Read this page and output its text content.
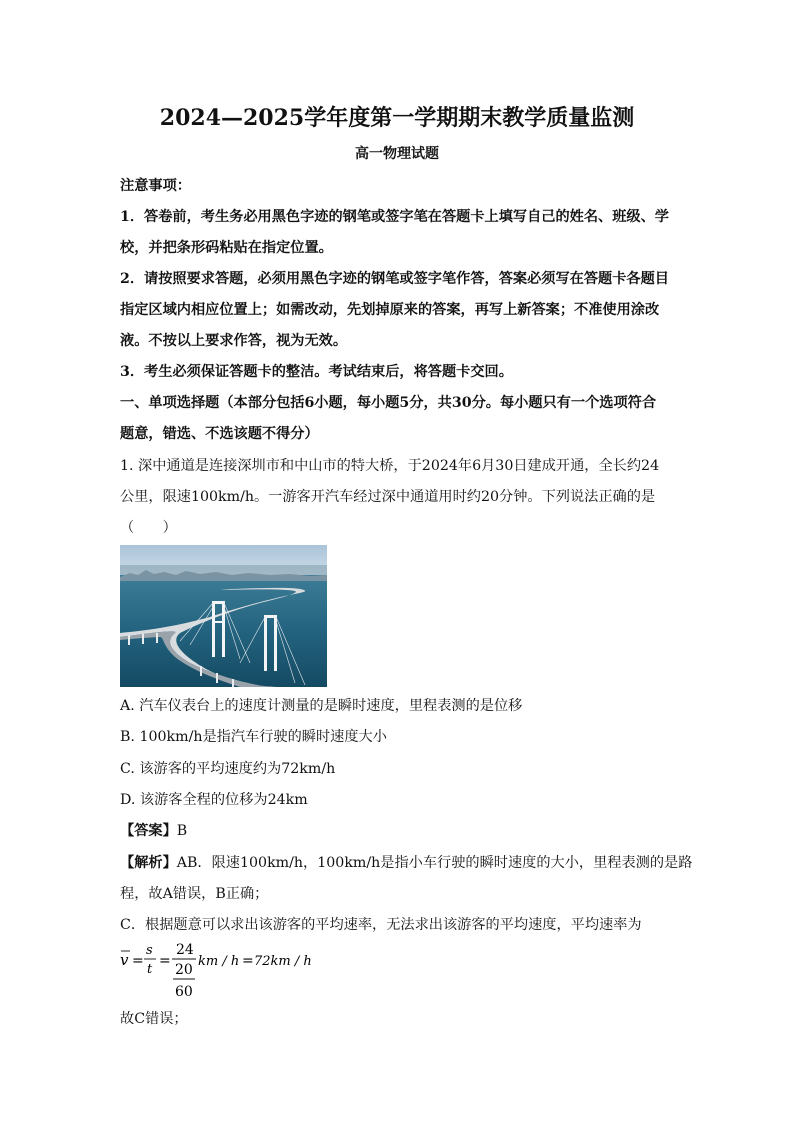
2024—2025学年度第一学期期末教学质量监测
高一物理试题
注意事项：
1．答卷前，考生务必用黑色字迹的钢笔或签字笔在答题卡上填写自己的姓名、班级、学
校，并把条形码粘贴在指定位置。
2．请按照要求答题，必须用黑色字迹的钢笔或签字笔作答，答案必须写在答题卡各题目
指定区域内相应位置上；如需改动，先划掉原来的答案，再写上新答案；不准使用涂改
液。不按以上要求作答，视为无效。
3．考生必须保证答题卡的整洁。考试结束后，将答题卡交回。
一、单项选择题（本部分包括6小题，每小题5分，共30分。每小题只有一个选项符合
题意，错选、不选该题不得分）
1. 深中通道是连接深圳市和中山市的特大桥，于2024年6月30日建成开通，全长约24
公里，限速100km/h。一游客开汽车经过深中通道用时约20分钟。下列说法正确的是
（　　）
A. 汽车仪表台上的速度计测量的是瞬时速度，里程表测的是位移
B. 100km/h是指汽车行驶的瞬时速度大小
C. 该游客的平均速度约为72km/h
D. 该游客全程的位移为24km
【答案】B
【解析】AB．限速100km/h，100km/h是指小车行驶的瞬时速度的大小，里程表测的是路
程，故A错误，B正确；
C．根据题意可以求出该游客的平均速率，无法求出该游客的平均速度，平均速率为
v =
s
t
=
24
20
60
km / h = 72km / h
故C错误；
